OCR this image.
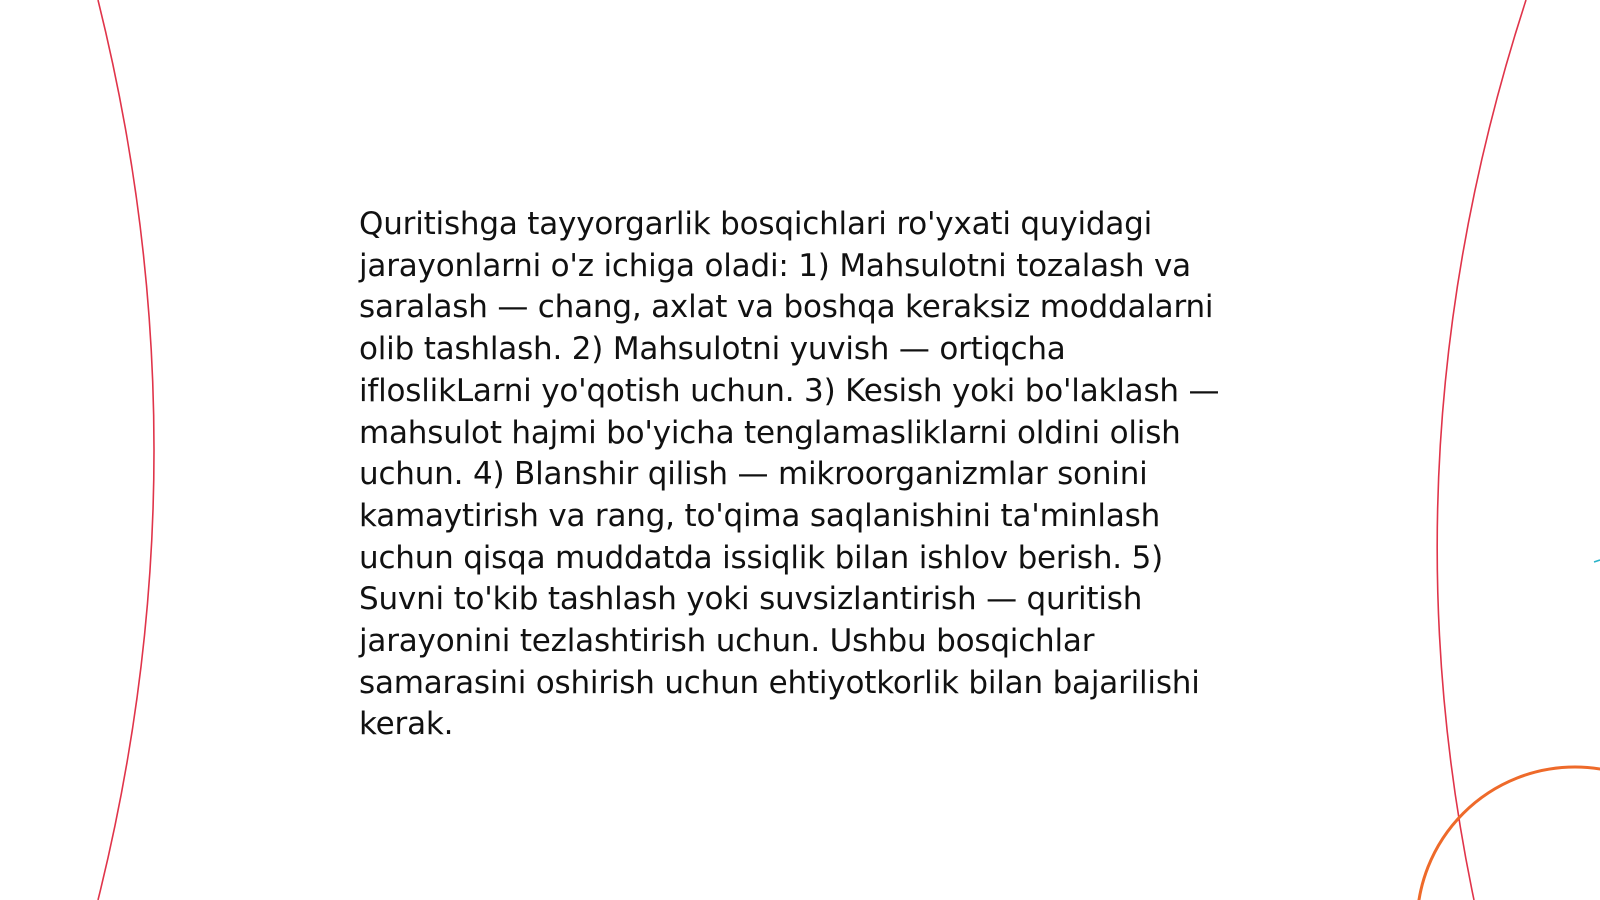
Quritishga tayyorgarlik bosqichlari ro'yxati quyidagi jarayonlarni o'z ichiga oladi: 1) Mahsulotni tozalash va saralash — chang, axlat va boshqa keraksiz moddalarni olib tashlash. 2) Mahsulotni yuvish — ortiqcha ifloslikLarni yo'qotish uchun. 3) Kesish yoki bo'laklash — mahsulot hajmi bo'yicha tenglamasliklarni oldini olish uchun. 4) Blanshir qilish — mikroorganizmlar sonini kamaytirish va rang, to'qima saqlanishini ta'minlash uchun qisqa muddatda issiqlik bilan ishlov berish. 5) Suvni to'kib tashlash yoki suvsizlantirish — quritish jarayonini tezlashtirish uchun. Ushbu bosqichlar samarasini oshirish uchun ehtiyotkorlik bilan bajarilishi kerak.
